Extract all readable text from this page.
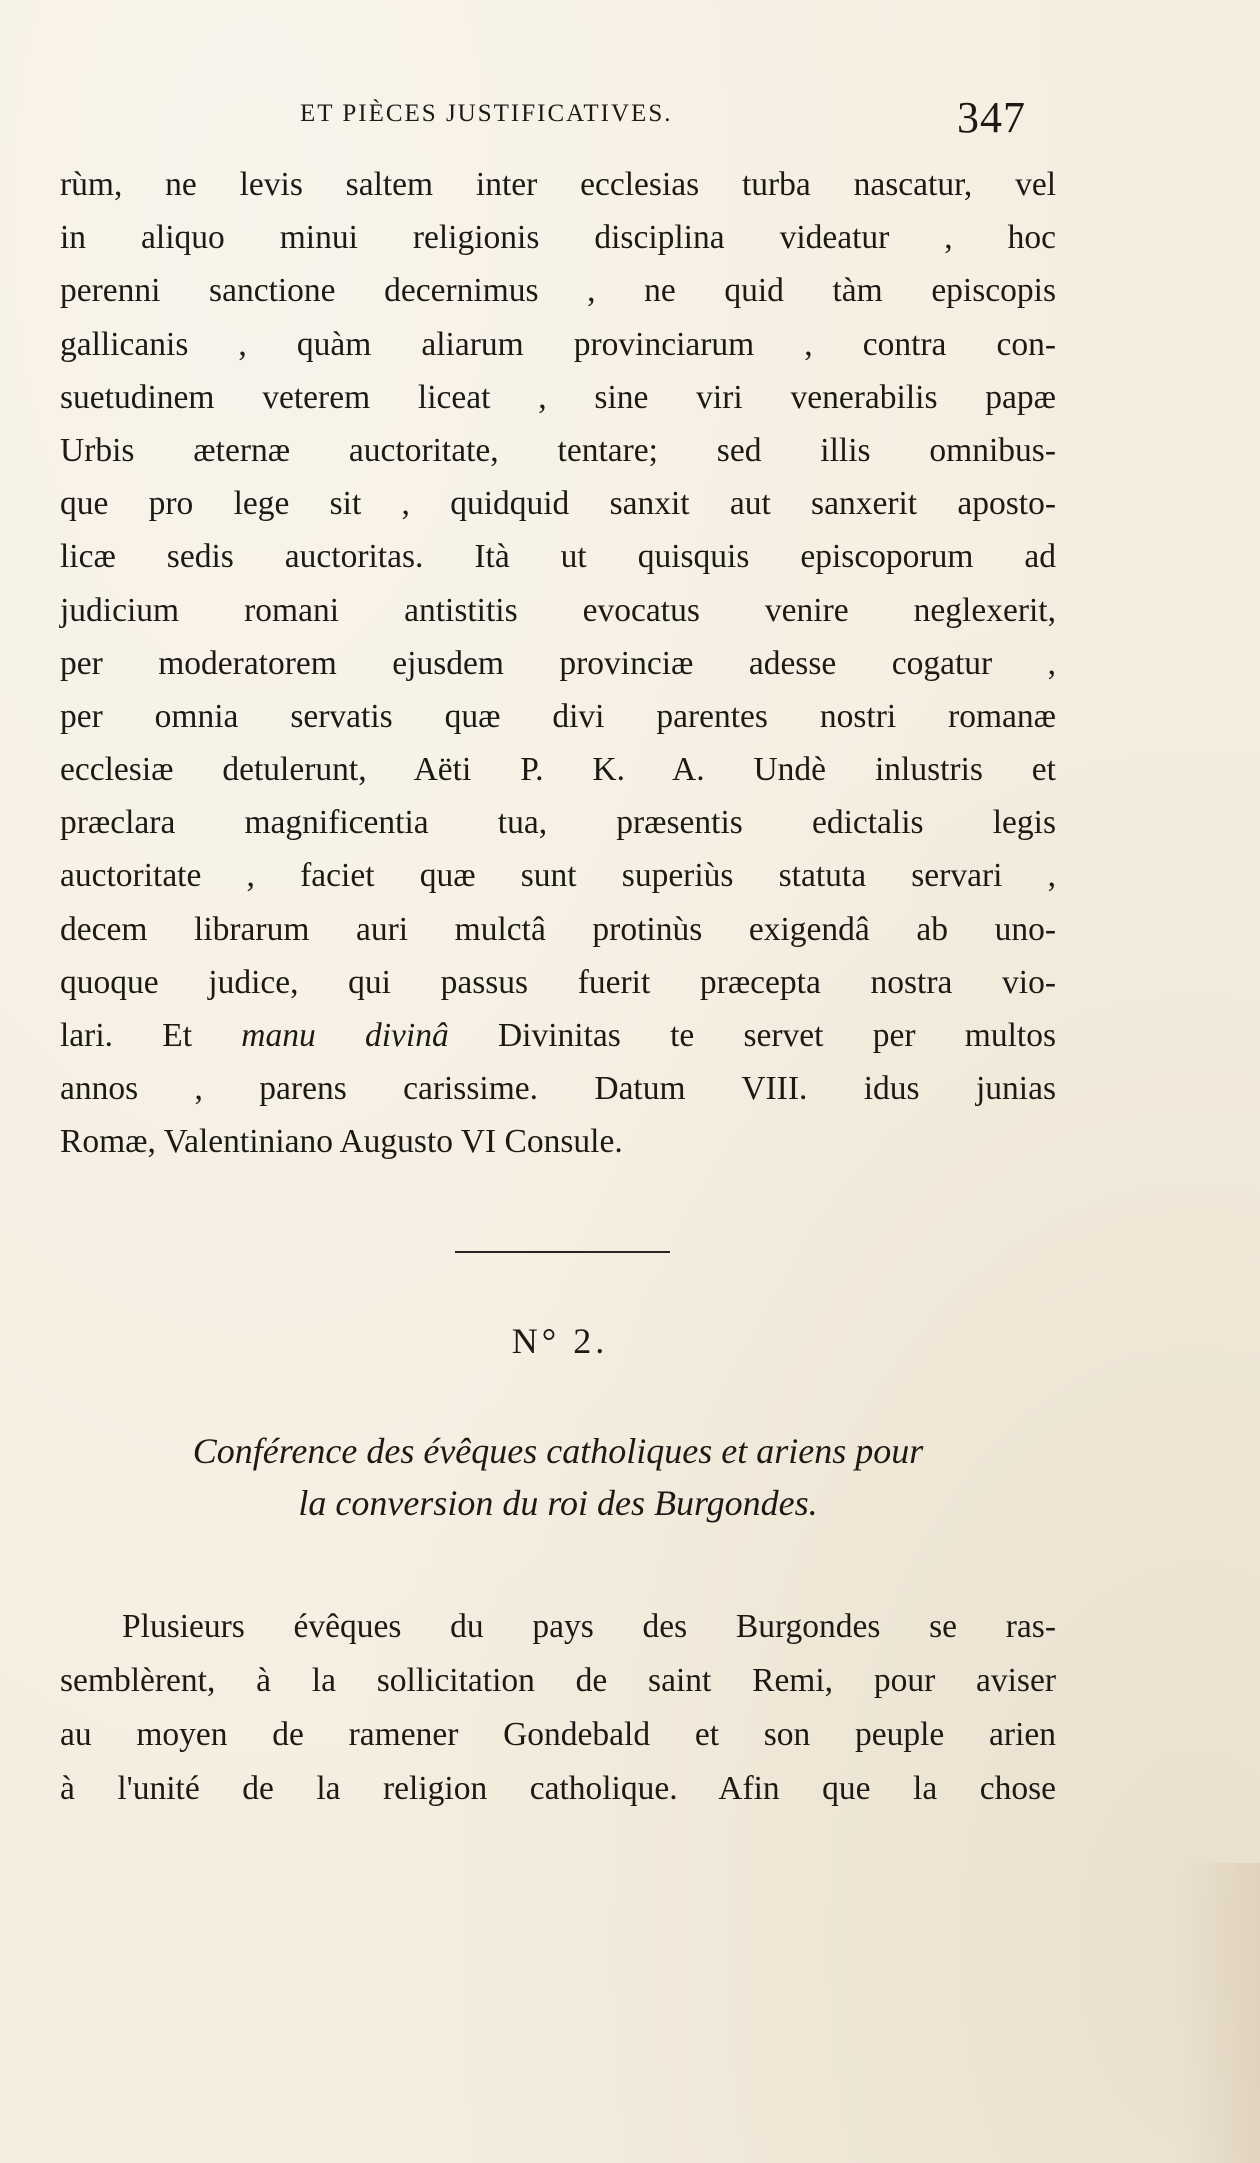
ET PIÈCES JUSTIFICATIVES.	347
rùm, ne levis saltem inter ecclesias turba nascatur, vel
in aliquo minui religionis disciplina videatur , hoc
perenni sanctione decernimus , ne quid tàm episcopis
gallicanis , quàm aliarum provinciarum , contra con-
suetudinem veterem liceat , sine viri venerabilis papæ
Urbis æternæ auctoritate, tentare; sed illis omnibus-
que pro lege sit , quidquid sanxit aut sanxerit aposto-
licæ sedis auctoritas. Ità ut quisquis episcoporum ad
judicium romani antistitis evocatus venire neglexerit,
per moderatorem ejusdem provinciæ adesse cogatur ,
per omnia servatis quæ divi parentes nostri romanæ
ecclesiæ detulerunt, Aëti P. K. A. Undè inlustris et
præclara magnificentia tua, præsentis edictalis legis
auctoritate , faciet quæ sunt superiùs statuta servari ,
decem librarum auri mulctâ protinùs exigendâ ab uno-
quoque judice, qui passus fuerit præcepta nostra vio-
lari. Et manu divinâ Divinitas te servet per multos
annos , parens carissime. Datum VIII. idus junias
Romæ, Valentiniano Augusto VI Consule.
N° 2.
Conférence des évêques catholiques et ariens pour
la conversion du roi des Burgondes.
Plusieurs évêques du pays des Burgondes se ras-
semblèrent, à la sollicitation de saint Remi, pour aviser
au moyen de ramener Gondebald et son peuple arien
à l'unité de la religion catholique. Afin que la chose
